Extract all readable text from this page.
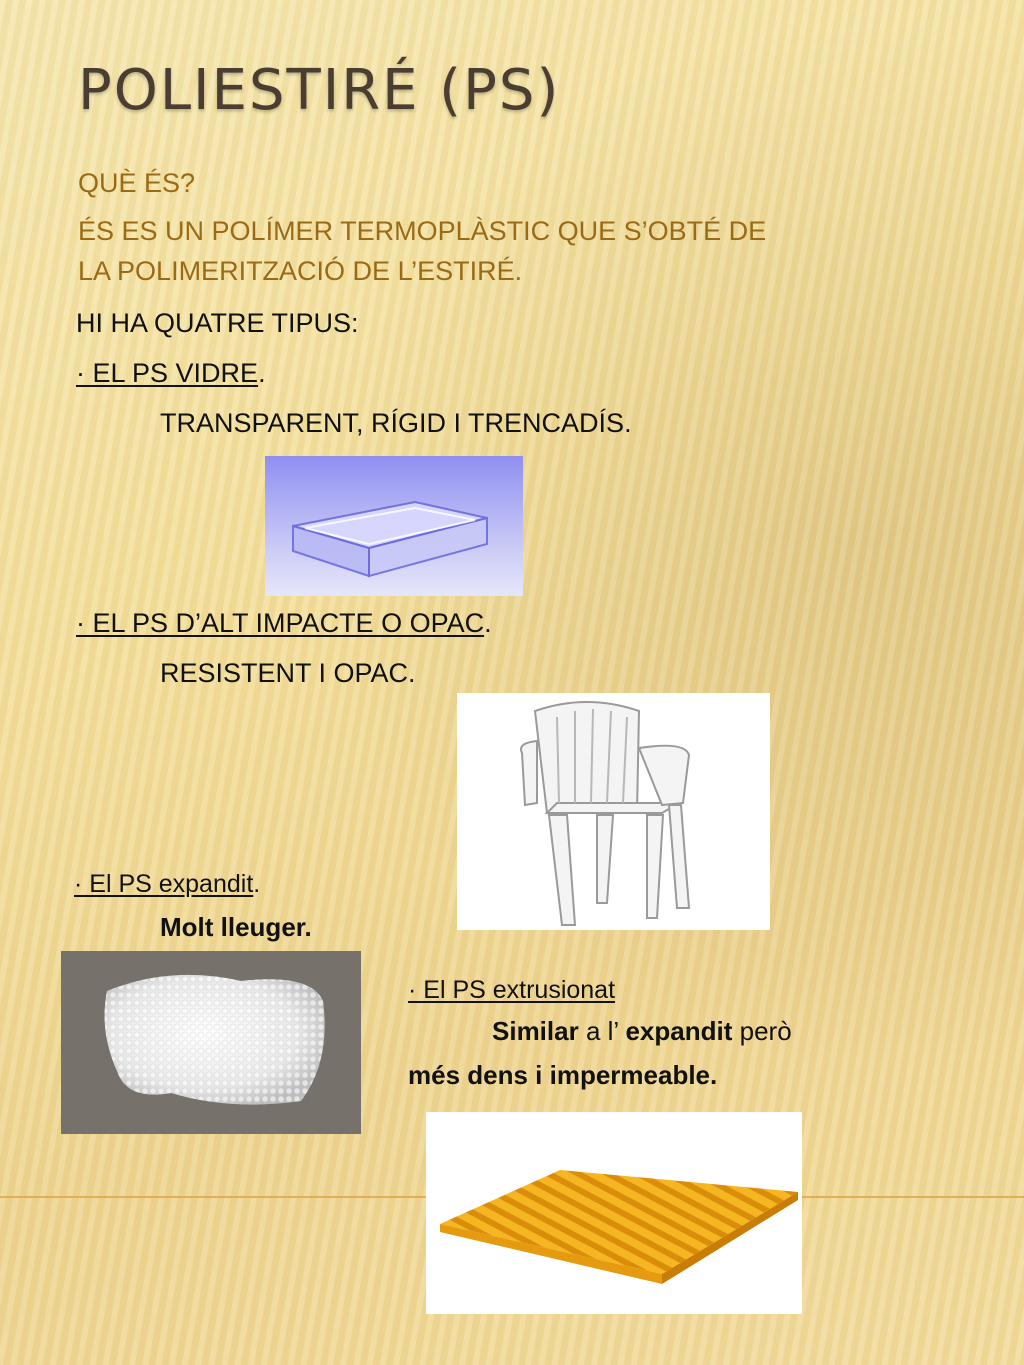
POLIESTIRÉ (PS)

QUÈ ÉS?

ÉS ES UN POLÍMER TERMOPLÀSTIC QUE S’OBTÉ DE

LA POLIMERITZACIÓ DE L’ESTIRÉ.

HI HA QUATRE TIPUS:

· EL PS VIDRE.

TRANSPARENT, RÍGID I TRENCADÍS.

· EL PS D’ALT IMPACTE O OPAC.

RESISTENT I OPAC.

· El PS expandit.

Molt lleuger.

· El PS extrusionat

Similar a l’ expandit però

més dens i impermeable.
